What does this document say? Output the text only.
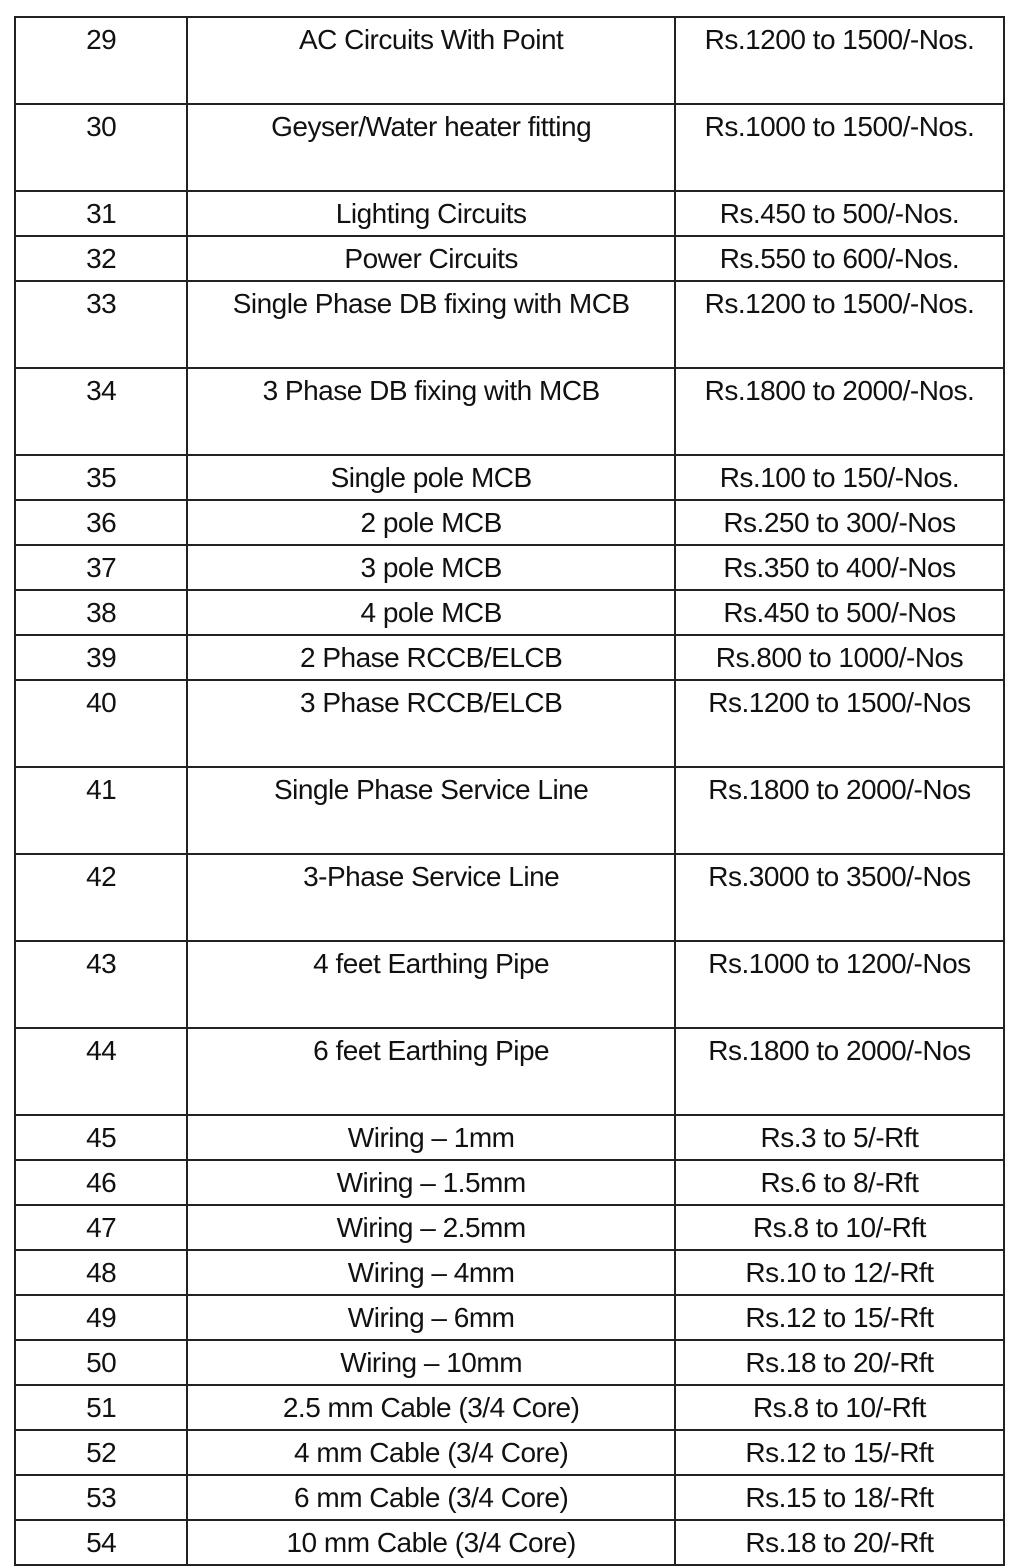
29	AC Circuits With Point	Rs.1200 to 1500/-Nos.
30	Geyser/Water heater fitting	Rs.1000 to 1500/-Nos.
31	Lighting Circuits	Rs.450 to 500/-Nos.
32	Power Circuits	Rs.550 to 600/-Nos.
33	Single Phase DB fixing with MCB	Rs.1200 to 1500/-Nos.
34	3 Phase DB fixing with MCB	Rs.1800 to 2000/-Nos.
35	Single pole MCB	Rs.100 to 150/-Nos.
36	2 pole MCB	Rs.250 to 300/-Nos
37	3 pole MCB	Rs.350 to 400/-Nos
38	4 pole MCB	Rs.450 to 500/-Nos
39	2 Phase RCCB/ELCB	Rs.800 to 1000/-Nos
40	3 Phase RCCB/ELCB	Rs.1200 to 1500/-Nos
41	Single Phase Service Line	Rs.1800 to 2000/-Nos
42	3-Phase Service Line	Rs.3000 to 3500/-Nos
43	4 feet Earthing Pipe	Rs.1000 to 1200/-Nos
44	6 feet Earthing Pipe	Rs.1800 to 2000/-Nos
45	Wiring – 1mm	Rs.3 to 5/-Rft
46	Wiring – 1.5mm	Rs.6 to 8/-Rft
47	Wiring – 2.5mm	Rs.8 to 10/-Rft
48	Wiring – 4mm	Rs.10 to 12/-Rft
49	Wiring – 6mm	Rs.12 to 15/-Rft
50	Wiring – 10mm	Rs.18 to 20/-Rft
51	2.5 mm Cable (3/4 Core)	Rs.8 to 10/-Rft
52	4 mm Cable (3/4 Core)	Rs.12 to 15/-Rft
53	6 mm Cable (3/4 Core)	Rs.15 to 18/-Rft
54	10 mm Cable (3/4 Core)	Rs.18 to 20/-Rft
